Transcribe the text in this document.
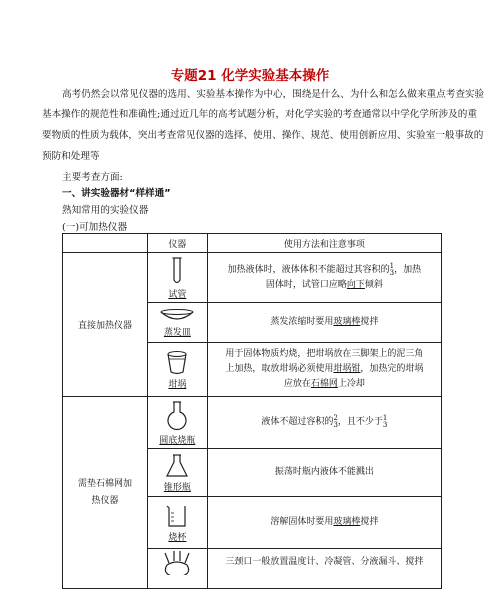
专题21 化学实验基本操作
高考仍然会以常见仪器的选用、实验基本操作为中心，围绕是什么、为什么和怎么做来重点考查实验
基本操作的规范性和准确性;通过近几年的高考试题分析，对化学实验的考查通常以中学化学所涉及的重
要物质的性质为载体，突出考查常见仪器的选择、使用、操作、规范、使用创新应用、实验室一般事故的
预防和处理等
主要考查方面:
一、讲实验器材“样样通”
熟知常用的实验仪器
(一)可加热仪器
	仪器	使用方法和注意事项
直接加热仪器	试管	加热液体时，液体体积不能超过其容积的1
3，加热
固体时，试管口应略向下倾斜

	蒸发皿	蒸发浓缩时要用玻璃棒搅拌

	坩埚	用于固体物质灼烧，把坩埚放在三脚架上的泥三角
上加热，取放坩埚必须使用坩埚钳，加热完的坩埚
应放在石棉网上冷却

需垫石棉网加热仪器	圆底烧瓶	液体不超过容积的2
3，且不少于1
3

	锥形瓶	振荡时瓶内液体不能溅出

	烧杯	溶解固体时要用玻璃棒搅拌

	三颈口一般放置温度计、冷凝管、分液漏斗、搅拌
